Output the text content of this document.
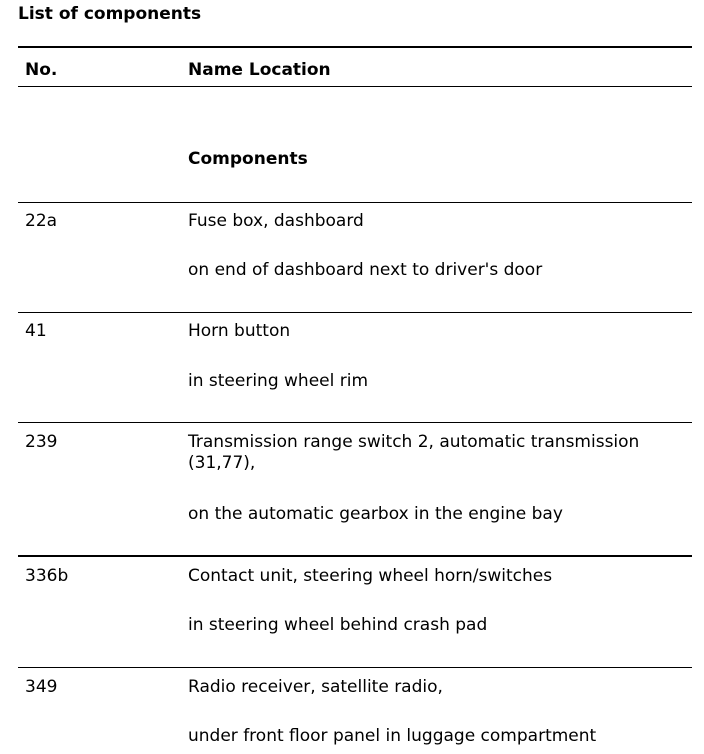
List of components
No.	Name Location
Components
22a	Fuse box, dashboard
on end of dashboard next to driver's door
41	Horn button
in steering wheel rim
239	Transmission range switch 2, automatic transmission (31,77),
on the automatic gearbox in the engine bay
336b	Contact unit, steering wheel horn/switches
in steering wheel behind crash pad
349	Radio receiver, satellite radio,
under front floor panel in luggage compartment
